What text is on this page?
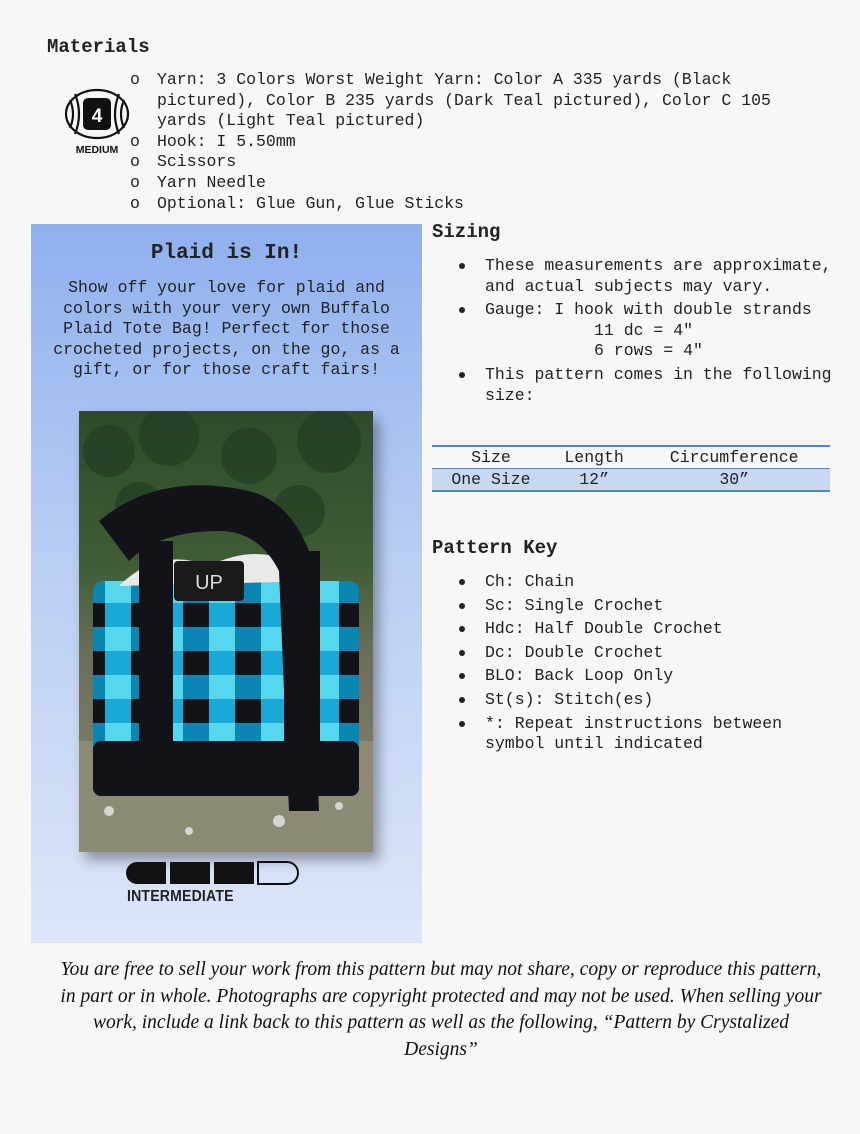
Materials
4
MEDIUM
o Yarn: 3 Colors Worst Weight Yarn: Color A 335 yards (Black pictured), Color B 235 yards (Dark Teal pictured), Color C 105 yards (Light Teal pictured)
o Hook: I 5.50mm
o Scissors
o Yarn Needle
o Optional: Glue Gun, Glue Sticks
Plaid is In!
Show off your love for plaid and colors with your very own Buffalo Plaid Tote Bag! Perfect for those crocheted projects, on the go, as a gift, or for those craft fairs!
UP
INTERMEDIATE
Sizing
These measurements are approximate, and actual subjects may vary.
Gauge: I hook with double strands
11 dc = 4"
6 rows = 4"
This pattern comes in the following size:
Size	Length	Circumference
One Size	12”	30”
Pattern Key
Ch: Chain
Sc: Single Crochet
Hdc: Half Double Crochet
Dc: Double Crochet
BLO: Back Loop Only
St(s): Stitch(es)
*: Repeat instructions between symbol until indicated
You are free to sell your work from this pattern but may not share, copy or reproduce this pattern, in part or in whole. Photographs are copyright protected and may not be used. When selling your work, include a link back to this pattern as well as the following, “Pattern by Crystalized Designs”
